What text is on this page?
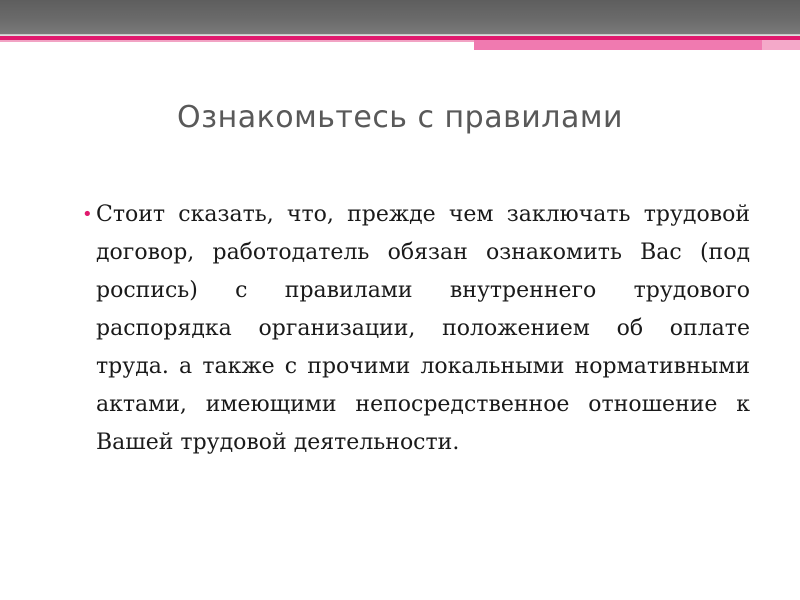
Ознакомьтесь с правилами
• Стоит сказать, что, прежде чем заключать трудовой договор, работодатель обязан ознакомить Вас (под роспись) с правилами внутреннего трудового распорядка организации, положением об оплате труда. а также с прочими локальными нормативными актами, имеющими непосредственное отношение к Вашей трудовой деятельности.
